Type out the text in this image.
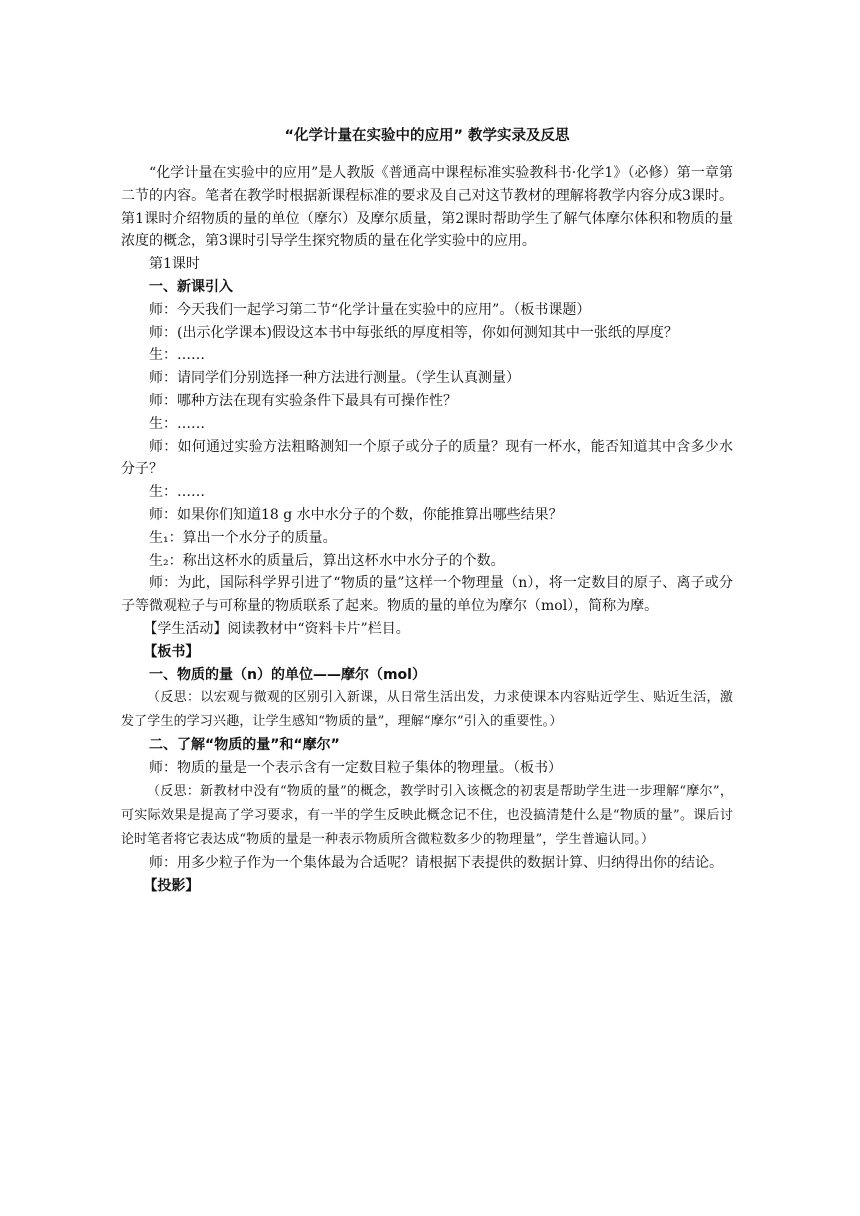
“化学计量在实验中的应用” 教学实录及反思

“化学计量在实验中的应用”是人教版《普通高中课程标准实验教科书·化学1》（必修）第一章第二节的内容。笔者在教学时根据新课程标准的要求及自己对这节教材的理解将教学内容分成3课时。第1课时介绍物质的量的单位（摩尔）及摩尔质量，第2课时帮助学生了解气体摩尔体积和物质的量浓度的概念，第3课时引导学生探究物质的量在化学实验中的应用。

第1课时

一、新课引入

师：今天我们一起学习第二节“化学计量在实验中的应用”。（板书课题）

师：(出示化学课本)假设这本书中每张纸的厚度相等，你如何测知其中一张纸的厚度？

生：……

师：请同学们分别选择一种方法进行测量。（学生认真测量）

师：哪种方法在现有实验条件下最具有可操作性？

生：……

师：如何通过实验方法粗略测知一个原子或分子的质量？现有一杯水，能否知道其中含多少水分子？

生：……

师：如果你们知道18 g 水中水分子的个数，你能推算出哪些结果？

生₁：算出一个水分子的质量。

生₂：称出这杯水的质量后，算出这杯水中水分子的个数。

师：为此，国际科学界引进了“物质的量”这样一个物理量（n），将一定数目的原子、离子或分子等微观粒子与可称量的物质联系了起来。物质的量的单位为摩尔（mol），简称为摩。

【学生活动】阅读教材中“资料卡片”栏目。

【板书】

一、物质的量（n）的单位——摩尔（mol）

（反思：以宏观与微观的区别引入新课，从日常生活出发，力求使课本内容贴近学生、贴近生活，激发了学生的学习兴趣，让学生感知“物质的量”，理解“摩尔”引入的重要性。）

二、了解“物质的量”和“摩尔”

师：物质的量是一个表示含有一定数目粒子集体的物理量。（板书）

（反思：新教材中没有“物质的量”的概念，教学时引入该概念的初衷是帮助学生进一步理解“摩尔”，可实际效果是提高了学习要求，有一半的学生反映此概念记不住，也没搞清楚什么是“物质的量”。课后讨论时笔者将它表达成“物质的量是一种表示物质所含微粒数多少的物理量”，学生普遍认同。）

师：用多少粒子作为一个集体最为合适呢？请根据下表提供的数据计算、归纳得出你的结论。

【投影】
